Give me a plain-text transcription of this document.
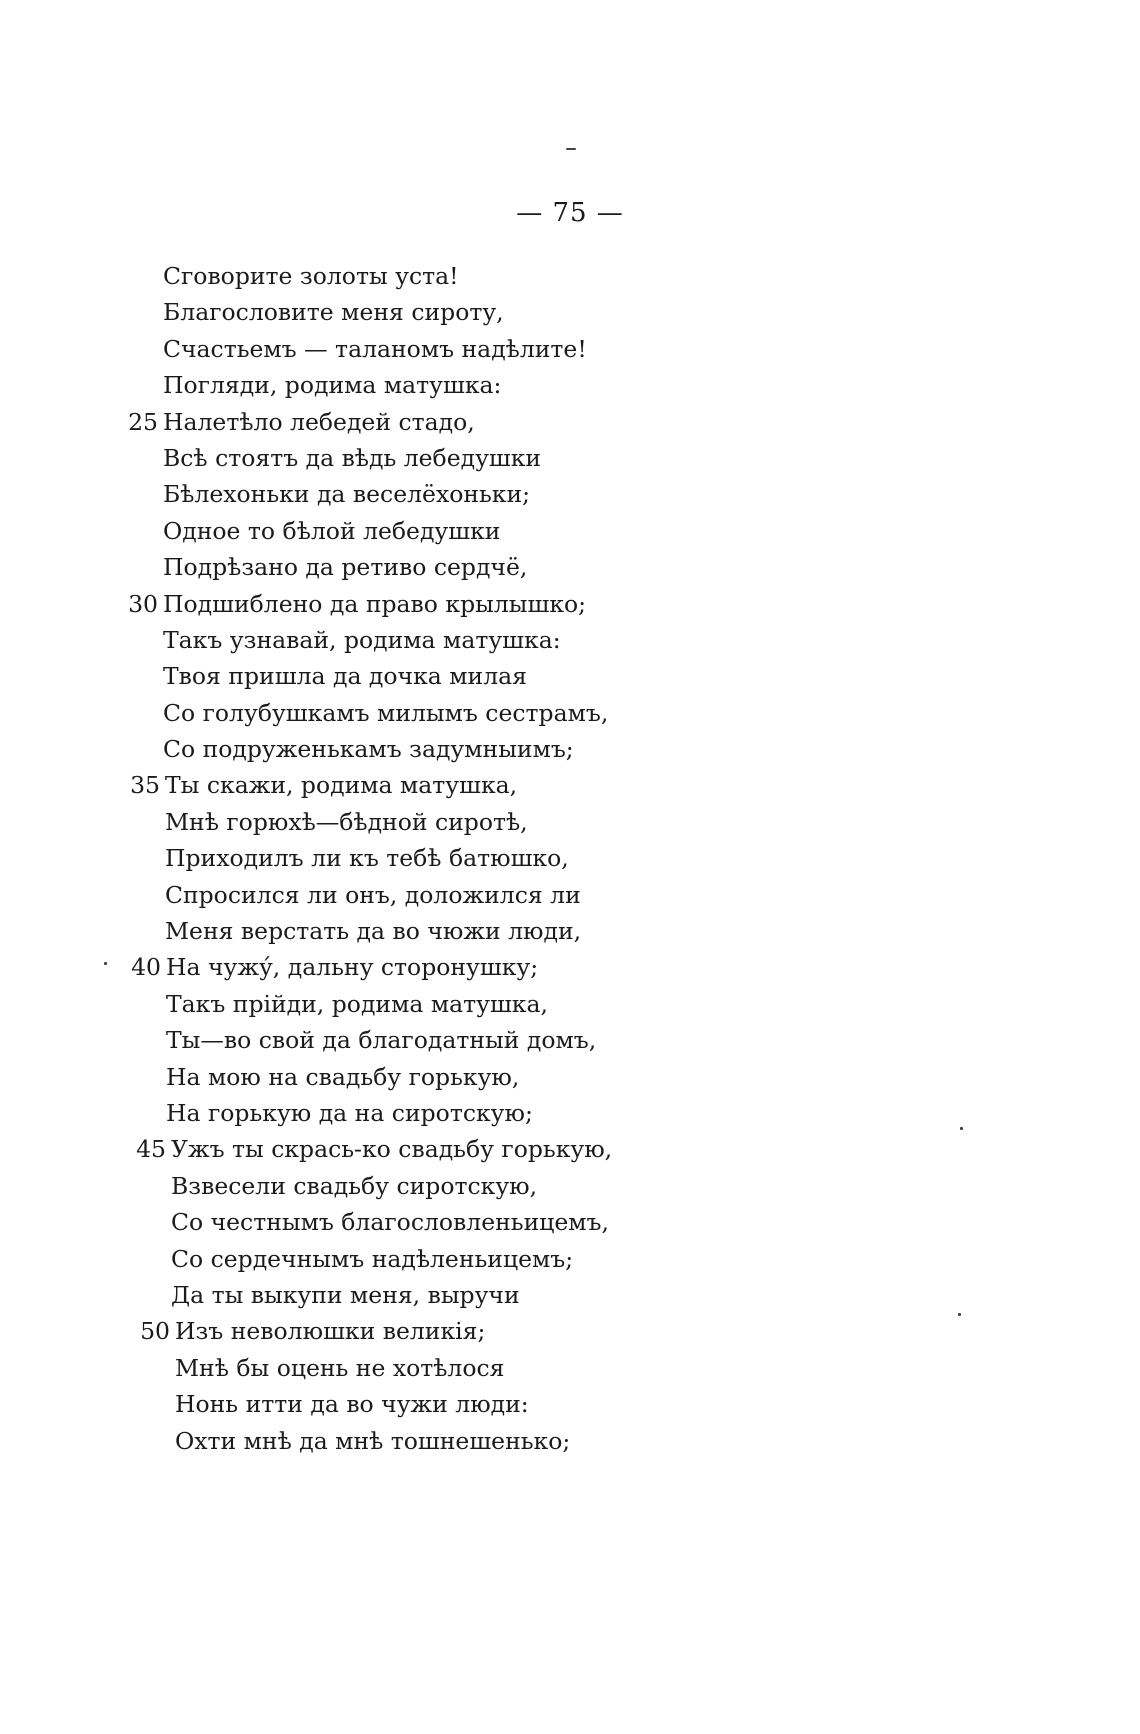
— 75 —
Сговорите золоты уста!
Благословите меня сироту,
Счастьемъ — таланомъ надѣлите!
Погляди, родима матушка:
25 Налетѣло лебедей стадо,
Всѣ стоятъ да вѣдь лебедушки
Бѣлехоньки да веселёхоньки;
Одное то бѣлой лебедушки
Подрѣзано да ретиво сердчё,
30 Подшиблено да право крылышко;
Такъ узнавай, родима матушка:
Твоя пришла да дочка милая
Со голубушкамъ милымъ сестрамъ,
Со подруженькамъ задумныимъ;
35 Ты скажи, родима матушка,
Мнѣ горюхѣ—бѣдной сиротѣ,
Приходилъ ли къ тебѣ батюшко,
Спросился ли онъ, доложился ли
Меня верстать да во чюжи люди,
40 На чужу́, дальну сторонушку;
Такъ прійди, родима матушка,
Ты—во свой да благодатный домъ,
На мою на свадьбу горькую,
На горькую да на сиротскую;
45 Ужъ ты скрась-ко свадьбу горькую,
Взвесели свадьбу сиротскую,
Со честнымъ благословленьицемъ,
Со сердечнымъ надѣленьицемъ;
Да ты выкупи меня, выручи
50 Изъ неволюшки великія;
Мнѣ бы оцень не хотѣлося
Нонь итти да во чужи люди:
Охти мнѣ да мнѣ тошнешенько;
